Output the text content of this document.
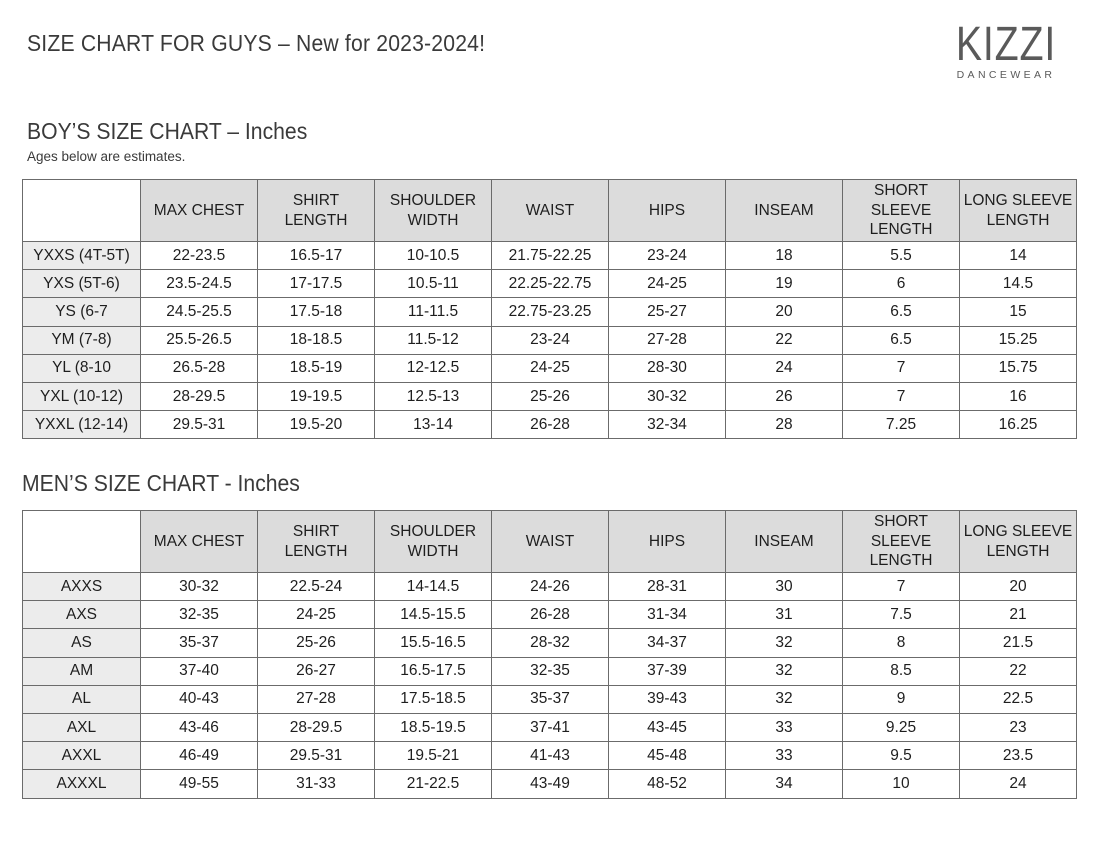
SIZE CHART FOR GUYS – New for 2023-2024!	KIZZI
DANCEWEAR
BOY’S SIZE CHART – Inches
Ages below are estimates.

	MAX CHEST	SHIRT
LENGTH	SHOULDER
WIDTH	WAIST	HIPS	INSEAM	SHORT
SLEEVE
LENGTH	LONG SLEEVE
LENGTH

YXXS (4T-5T)	22-23.5	16.5-17	10-10.5	21.75-22.25	23-24	18	5.5	14
YXS (5T-6)	23.5-24.5	17-17.5	10.5-11	22.25-22.75	24-25	19	6	14.5
YS (6-7	24.5-25.5	17.5-18	11-11.5	22.75-23.25	25-27	20	6.5	15
YM (7-8)	25.5-26.5	18-18.5	11.5-12	23-24	27-28	22	6.5	15.25
YL (8-10	26.5-28	18.5-19	12-12.5	24-25	28-30	24	7	15.75
YXL (10-12)	28-29.5	19-19.5	12.5-13	25-26	30-32	26	7	16
YXXL (12-14)	29.5-31	19.5-20	13-14	26-28	32-34	28	7.25	16.25
MEN’S SIZE CHART - Inches

	MAX CHEST	SHIRT
LENGTH	SHOULDER
WIDTH	WAIST	HIPS	INSEAM	SHORT
SLEEVE
LENGTH	LONG SLEEVE
LENGTH

AXXS	30-32	22.5-24	14-14.5	24-26	28-31	30	7	20
AXS	32-35	24-25	14.5-15.5	26-28	31-34	31	7.5	21
AS	35-37	25-26	15.5-16.5	28-32	34-37	32	8	21.5
AM	37-40	26-27	16.5-17.5	32-35	37-39	32	8.5	22
AL	40-43	27-28	17.5-18.5	35-37	39-43	32	9	22.5
AXL	43-46	28-29.5	18.5-19.5	37-41	43-45	33	9.25	23
AXXL	46-49	29.5-31	19.5-21	41-43	45-48	33	9.5	23.5
AXXXL	49-55	31-33	21-22.5	43-49	48-52	34	10	24
